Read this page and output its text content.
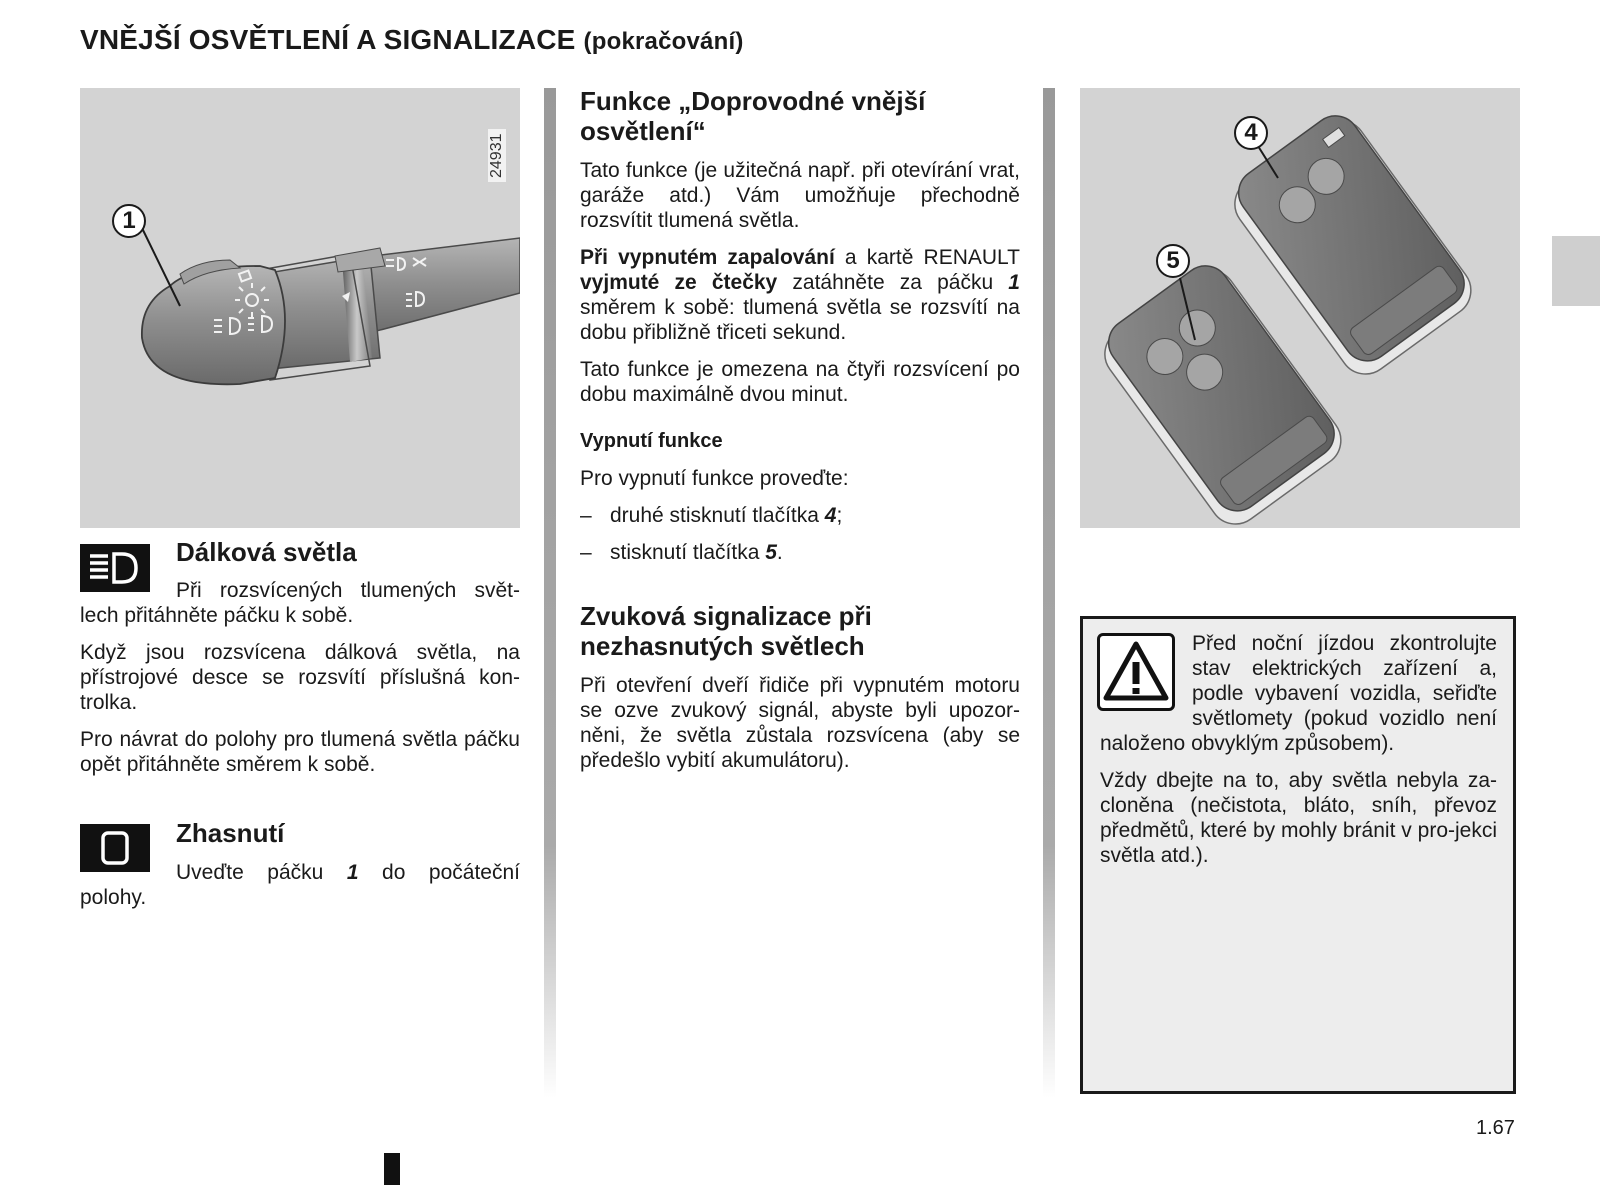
VNĚJŠÍ OSVĚTLENÍ A SIGNALIZACE (pokračování)
24931
1
4
5
Dálková světla

Při rozsvícených tlumených svět-lech přitáhněte páčku k sobě.

Když jsou rozsvícena dálková světla, na přístrojové desce se rozsvítí příslušná kon-trolka.

Pro návrat do polohy pro tlumená světla páčku opět přitáhněte směrem k sobě.

Zhasnutí

Uveďte páčku 1 do počáteční polohy.

Funkce „Doprovodné vnější osvětlení“

Tato funkce (je užitečná např. při otevírání vrat, garáže atd.) Vám umožňuje přechodně rozsvítit tlumená světla.

Při vypnutém zapalování a kartě RENAULT vyjmuté ze čtečky zatáhněte za páčku 1 směrem k sobě: tlumená světla se rozsvítí na dobu přibližně třiceti sekund.

Tato funkce je omezena na čtyři rozsvícení po dobu maximálně dvou minut.

Vypnutí funkce

Pro vypnutí funkce proveďte:

– druhé stisknutí tlačítka 4;
– stisknutí tlačítka 5.
Zvuková signalizace při nezhasnutých světlech

Při otevření dveří řidiče při vypnutém motoru se ozve zvukový signál, abyste byli upozor-něni, že světla zůstala rozsvícena (aby se předešlo vybití akumulátoru).

Před noční jízdou zkontrolujte stav elektrických zařízení a, podle vybavení vozidla, seřiďte světlomety (pokud vozidlo není naloženo obvyklým způsobem).

Vždy dbejte na to, aby světla nebyla za-cloněna (nečistota, bláto, sníh, převoz předmětů, které by mohly bránit v pro-jekci světla atd.).

1.67
